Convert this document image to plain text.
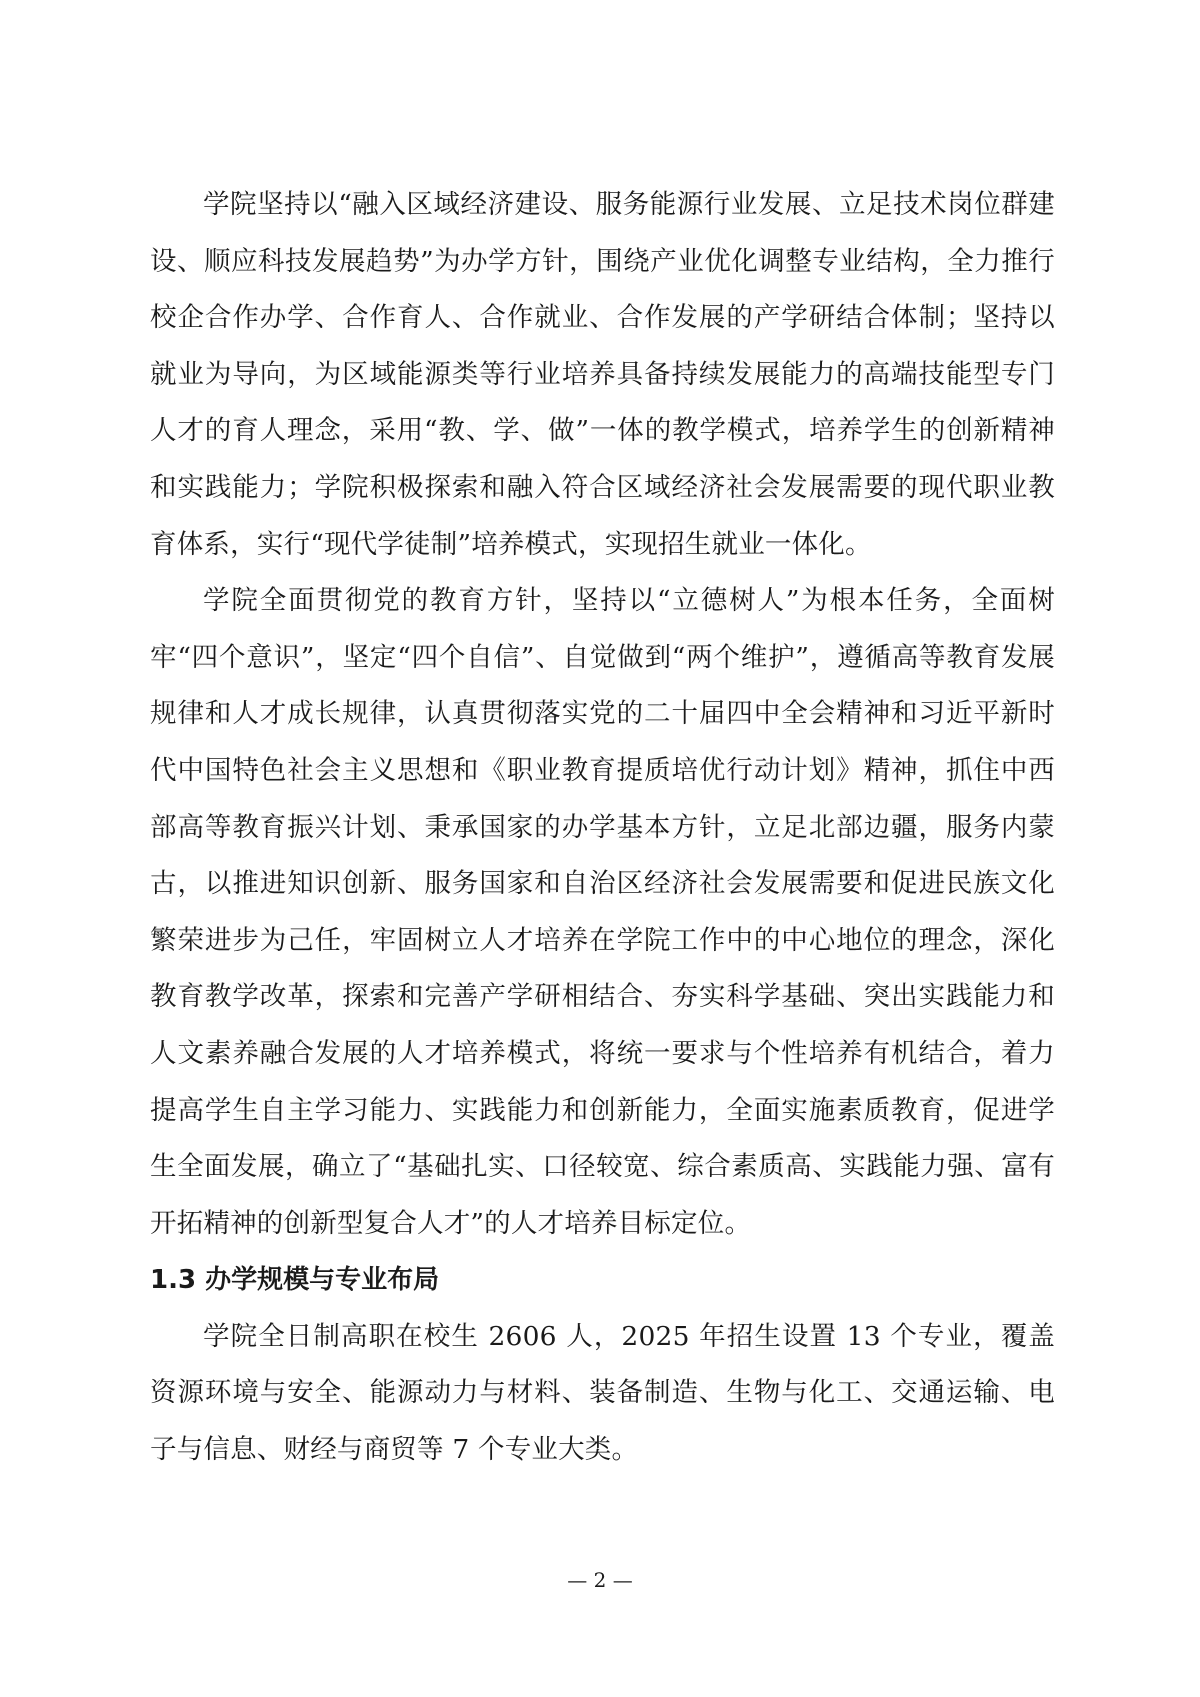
学院坚持以“融入区域经济建设、服务能源行业发展、立足技术岗位群建设、顺应科技发展趋势”为办学方针，围绕产业优化调整专业结构，全力推行校企合作办学、合作育人、合作就业、合作发展的产学研结合体制；坚持以就业为导向，为区域能源类等行业培养具备持续发展能力的高端技能型专门人才的育人理念，采用“教、学、做”一体的教学模式，培养学生的创新精神和实践能力；学院积极探索和融入符合区域经济社会发展需要的现代职业教育体系，实行“现代学徒制”培养模式，实现招生就业一体化。

学院全面贯彻党的教育方针，坚持以“立德树人”为根本任务，全面树牢“四个意识”，坚定“四个自信”、自觉做到“两个维护”，遵循高等教育发展规律和人才成长规律，认真贯彻落实党的二十届四中全会精神和习近平新时代中国特色社会主义思想和《职业教育提质培优行动计划》精神，抓住中西部高等教育振兴计划、秉承国家的办学基本方针，立足北部边疆，服务内蒙古，以推进知识创新、服务国家和自治区经济社会发展需要和促进民族文化繁荣进步为己任，牢固树立人才培养在学院工作中的中心地位的理念，深化教育教学改革，探索和完善产学研相结合、夯实科学基础、突出实践能力和人文素养融合发展的人才培养模式，将统一要求与个性培养有机结合，着力提高学生自主学习能力、实践能力和创新能力，全面实施素质教育，促进学生全面发展，确立了“基础扎实、口径较宽、综合素质高、实践能力强、富有开拓精神的创新型复合人才”的人才培养目标定位。

1.3 办学规模与专业布局

学院全日制高职在校生 2606 人，2025 年招生设置 13 个专业，覆盖资源环境与安全、能源动力与材料、装备制造、生物与化工、交通运输、电子与信息、财经与商贸等 7 个专业大类。

— 2 —
